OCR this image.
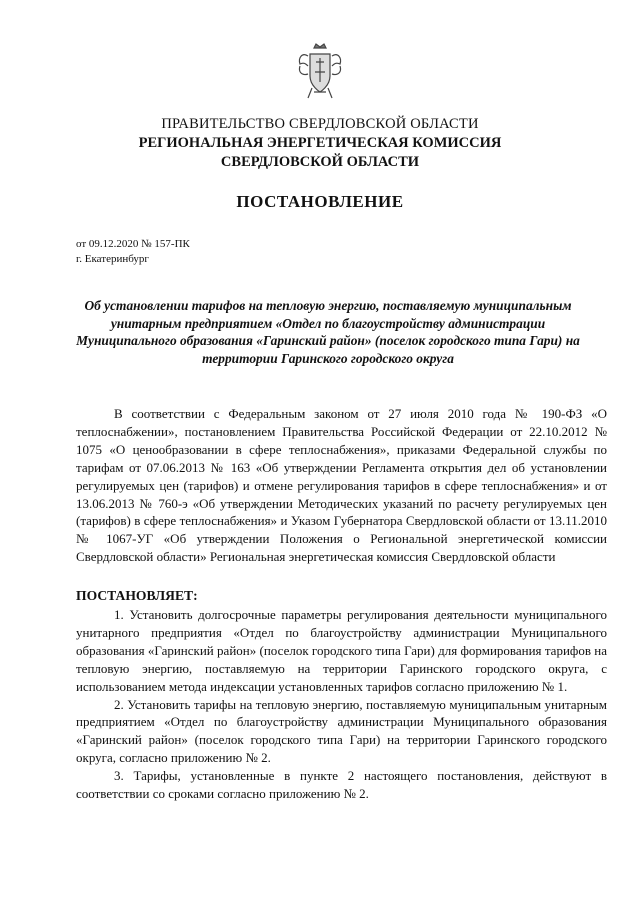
ПРАВИТЕЛЬСТВО СВЕРДЛОВСКОЙ ОБЛАСТИ
РЕГИОНАЛЬНАЯ ЭНЕРГЕТИЧЕСКАЯ КОМИССИЯ
СВЕРДЛОВСКОЙ ОБЛАСТИ
ПОСТАНОВЛЕНИЕ
от 09.12.2020 № 157-ПК
г. Екатеринбург
Об установлении тарифов на тепловую энергию, поставляемую муниципальным унитарным предприятием «Отдел по благоустройству администрации Муниципального образования «Гаринский район» (поселок городского типа Гари) на территории Гаринского городского округа

В соответствии с Федеральным законом от 27 июля 2010 года № 190-ФЗ «О теплоснабжении», постановлением Правительства Российской Федерации от 22.10.2012 № 1075 «О ценообразовании в сфере теплоснабжения», приказами Федеральной службы по тарифам от 07.06.2013 № 163 «Об утверждении Регламента открытия дел об установлении регулируемых цен (тарифов) и отмене регулирования тарифов в сфере теплоснабжения» и от 13.06.2013 № 760-э «Об утверждении Методических указаний по расчету регулируемых цен (тарифов) в сфере теплоснабжения» и Указом Губернатора Свердловской области от 13.11.2010 № 1067-УГ «Об утверждении Положения о Региональной энергетической комиссии Свердловской области» Региональная энергетическая комиссия Свердловской области

ПОСТАНОВЛЯЕТ:

1. Установить долгосрочные параметры регулирования деятельности муниципального унитарного предприятия «Отдел по благоустройству администрации Муниципального образования «Гаринский район» (поселок городского типа Гари) для формирования тарифов на тепловую энергию, поставляемую на территории Гаринского городского округа, с использованием метода индексации установленных тарифов согласно приложению № 1.

2. Установить тарифы на тепловую энергию, поставляемую муниципальным унитарным предприятием «Отдел по благоустройству администрации Муниципального образования «Гаринский район» (поселок городского типа Гари) на территории Гаринского городского округа, согласно приложению № 2.

3. Тарифы, установленные в пункте 2 настоящего постановления, действуют в соответствии со сроками согласно приложению № 2.
